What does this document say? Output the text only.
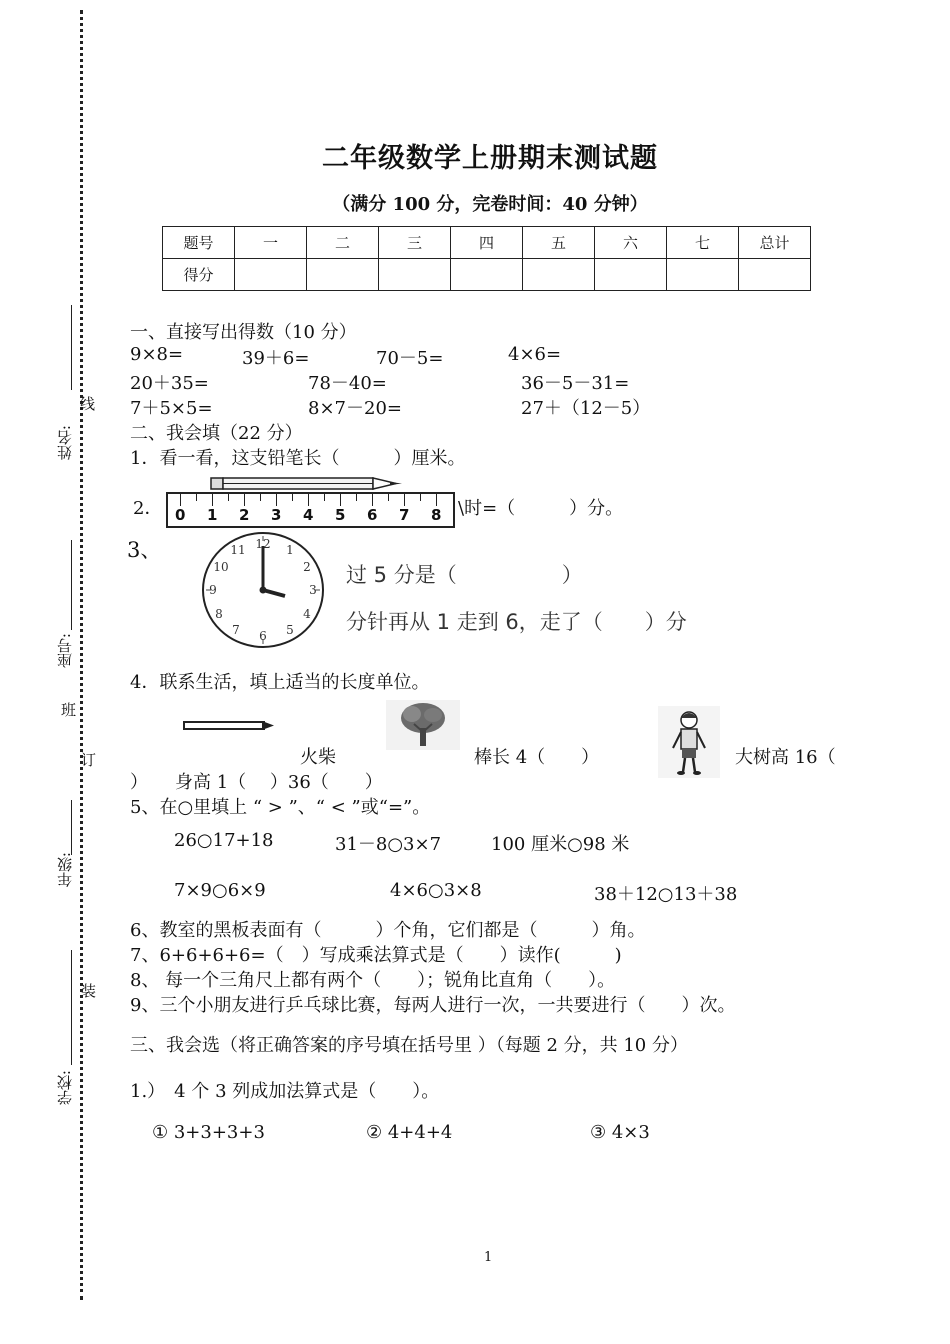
姓名:
线
座号:
班
订
年级:
装
学校:
二年级数学上册期末测试题
（满分 100 分，完卷时间：40 分钟）
题号	一	二	三	四	五	六	七	总计
得分								
一、直接写出得数（10 分）
9×8=	39＋6=	70－5=	4×6=
20＋35=	78－40=	36－5－31=
7＋5×5=	8×7－20=	27＋（12－5）
二、我会填（22 分）
1．看一看，这支铅笔长（　　　）厘米。
0 1 2 3 4 5 6 7 8
2．	\时=（　　　）分。
3、	12 1
2
3
4
5
6
7
8
9
10
11
过 5 分是（　　　　　）
分针再从 1 走到 6，走了（　　）分
4．联系生活，填上适当的长度单位。
火柴	棒长 4（　　）	大树高 16（
）　　身高 1（　 ）36（　　）
5、在○里填上 “ > ”、“ < ”或“=”。
26○17+18	31－8○3×7	100 厘米○98 米
7×9○6×9	4×6○3×8	38＋12○13＋38
6、教室的黑板表面有（　　　）个角，它们都是（　　　）角。
7、6+6+6+6=（　）写成乘法算式是（　　）读作(　　　)
8、 每一个三角尺上都有两个（　　）；锐角比直角（　　）。
9、三个小朋友进行乒乓球比赛，每两人进行一次，一共要进行（　　）次。
三、我会选（将正确答案的序号填在括号里 ）（每题 2 分，共 10 分）
1.）　4 个 3 列成加法算式是（　　）。
① 3+3+3+3	② 4+4+4	③ 4×3
1
